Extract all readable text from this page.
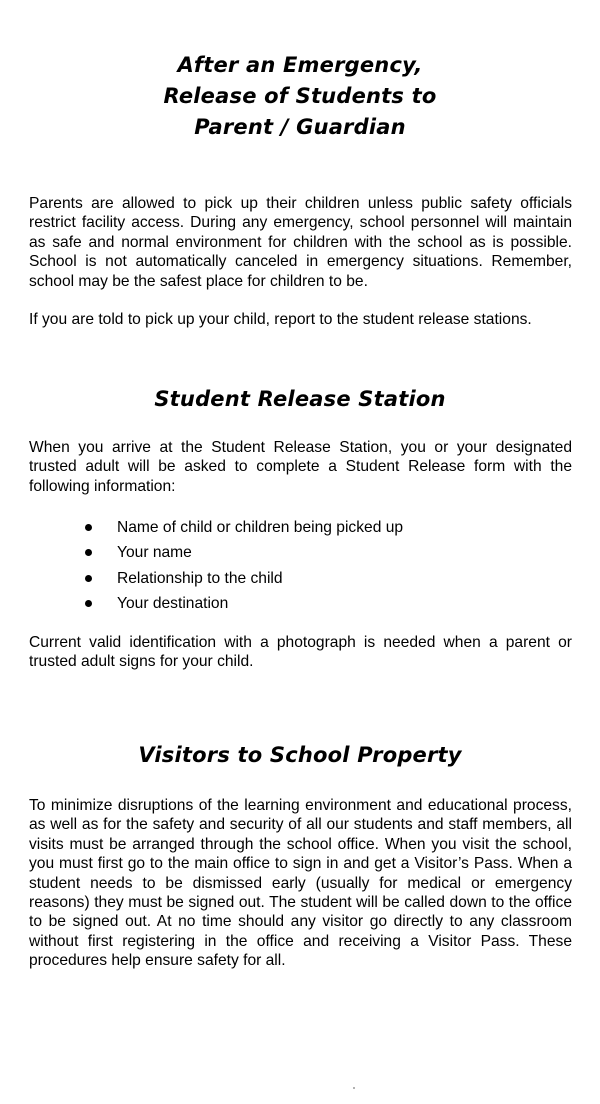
After an Emergency,
Release of Students to
Parent / Guardian

Parents are allowed to pick up their children unless public safety officials restrict facility access. During any emergency, school personnel will maintain as safe and normal environment for children with the school as is possible. School is not automatically canceled in emergency situations. Remember, school may be the safest place for children to be.

If you are told to pick up your child, report to the student release stations.

Student Release Station

When you arrive at the Student Release Station, you or your designated trusted adult will be asked to complete a Student Release form with the following information:

Name of child or children being picked up
Your name
Relationship to the child
Your destination

Current valid identification with a photograph is needed when a parent or trusted adult signs for your child.

Visitors to School Property

To minimize disruptions of the learning environment and educational process, as well as for the safety and security of all our students and staff members, all visits must be arranged through the school office. When you visit the school, you must first go to the main office to sign in and get a Visitor’s Pass. When a student needs to be dismissed early (usually for medical or emergency reasons) they must be signed out. The student will be called down to the office to be signed out. At no time should any visitor go directly to any classroom without first registering in the office and receiving a Visitor Pass. These procedures help ensure safety for all.
